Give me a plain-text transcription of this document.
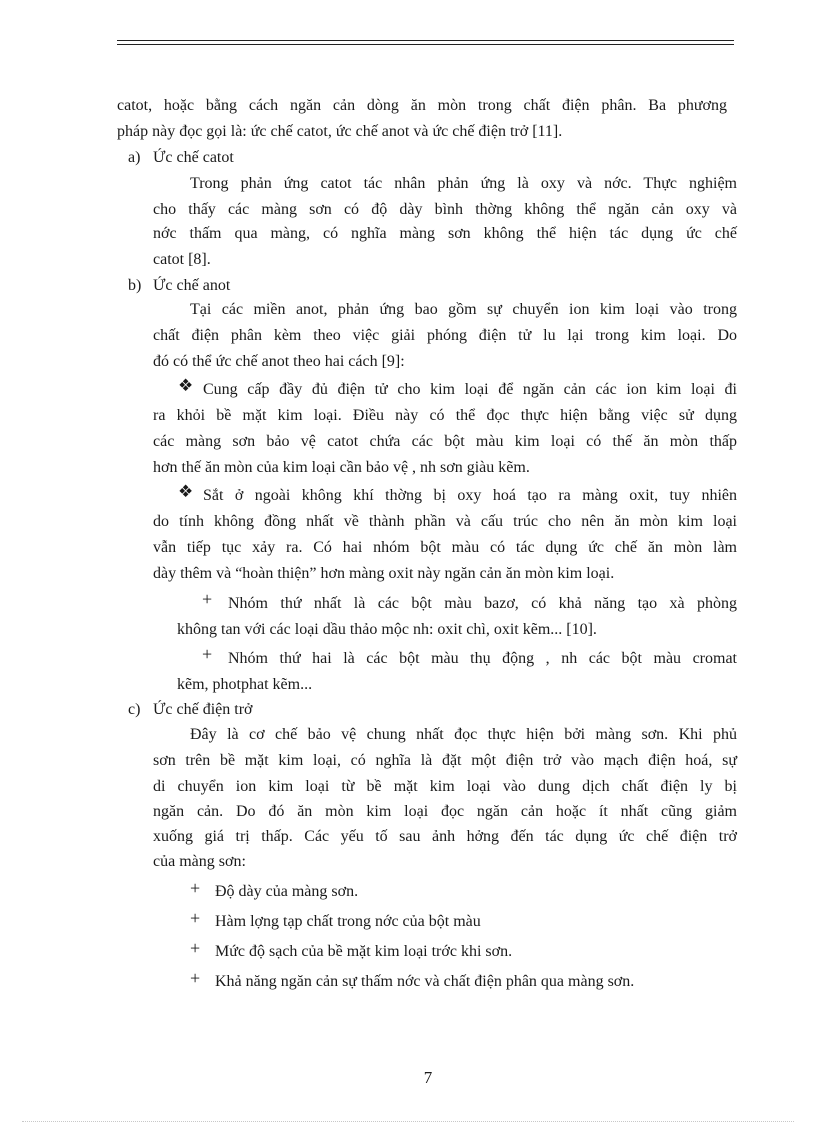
catot, hoặc bằng cách ngăn cản dòng ăn mòn trong chất điện phân. Ba phương
pháp này đọc gọi là: ức chế catot, ức chế anot và ức chế điện trở [11].
a) Ức chế catot
Trong phản ứng catot tác nhân phản ứng là oxy và nớc. Thực nghiệm
cho thấy các màng sơn có độ dày bình thờng không thể ngăn cản oxy và
nớc thấm qua màng, có nghĩa màng sơn không thể hiện tác dụng ức chế
catot [8].
b) Ức chế anot
Tại các miền anot, phản ứng bao gồm sự chuyển ion kim loại vào trong
chất điện phân kèm theo việc giải phóng điện tử lu lại trong kim loại. Do
đó có thể ức chế anot theo hai cách [9]:
❖ Cung cấp đầy đủ điện tử cho kim loại để ngăn cản các ion kim loại đi
ra khỏi bề mặt kim loại. Điều này có thể đọc thực hiện bằng việc sử dụng
các màng sơn bảo vệ catot chứa các bột màu kim loại có thế ăn mòn thấp
hơn thế ăn mòn của kim loại cần bảo vệ , nh sơn giàu kẽm.
❖ Sắt ở ngoài không khí thờng bị oxy hoá tạo ra màng oxit, tuy nhiên
do tính không đồng nhất về thành phần và cấu trúc cho nên ăn mòn kim loại
vẫn tiếp tục xảy ra. Có hai nhóm bột màu có tác dụng ức chế ăn mòn làm
dày thêm và “hoàn thiện” hơn màng oxit này ngăn cản ăn mòn kim loại.
+ Nhóm thứ nhất là các bột màu bazơ, có khả năng tạo xà phòng
không tan với các loại dầu thảo mộc nh: oxit chì, oxit kẽm... [10].
+ Nhóm thứ hai là các bột màu thụ động , nh các bột màu cromat
kẽm, photphat kẽm...
c) Ức chế điện trở
Đây là cơ chế bảo vệ chung nhất đọc thực hiện bởi màng sơn. Khi phủ
sơn trên bề mặt kim loại, có nghĩa là đặt một điện trở vào mạch điện hoá, sự
di chuyển ion kim loại từ bề mặt kim loại vào dung dịch chất điện ly bị
ngăn cản. Do đó ăn mòn kim loại đọc ngăn cản hoặc ít nhất cũng giảm
xuống giá trị thấp. Các yếu tố sau ảnh hởng đến tác dụng ức chế điện trở
của màng sơn:
+ Độ dày của màng sơn.
+ Hàm lợng tạp chất trong nớc của bột màu
+ Mức độ sạch của bề mặt kim loại trớc khi sơn.
+ Khả năng ngăn cản sự thấm nớc và chất điện phân qua màng sơn.
7
